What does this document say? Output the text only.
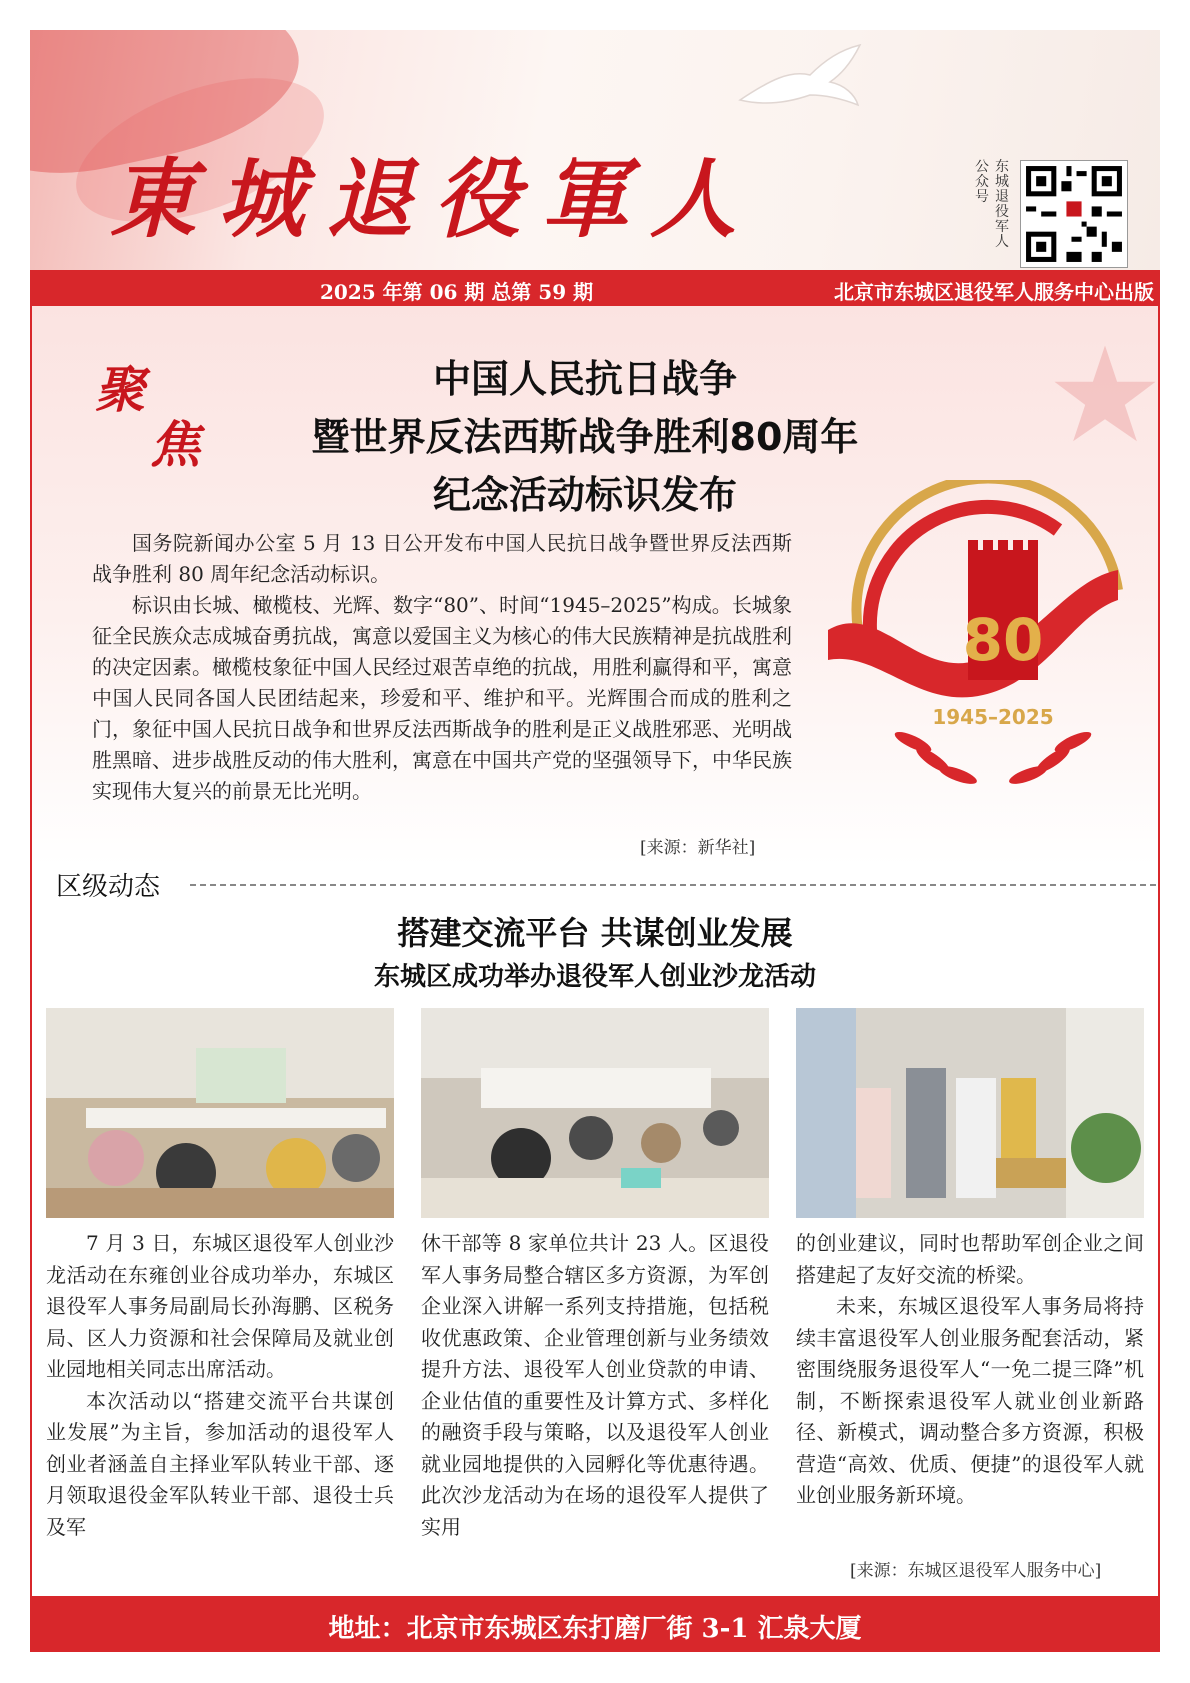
東城退役軍人	公众号
东城退役军人
2025 年第 06 期 总第 59 期	北京市东城区退役军人服务中心出版
聚
焦
中国人民抗日战争
暨世界反法西斯战争胜利80周年
纪念活动标识发布

国务院新闻办公室 5 月 13 日公开发布中国人民抗日战争暨世界反法西斯战争胜利 80 周年纪念活动标识。

标识由长城、橄榄枝、光辉、数字“80”、时间“1945–2025”构成。长城象征全民族众志成城奋勇抗战，寓意以爱国主义为核心的伟大民族精神是抗战胜利的决定因素。橄榄枝象征中国人民经过艰苦卓绝的抗战，用胜利赢得和平，寓意中国人民同各国人民团结起来，珍爱和平、维护和平。光辉围合而成的胜利之门，象征中国人民抗日战争和世界反法西斯战争的胜利是正义战胜邪恶、光明战胜黑暗、进步战胜反动的伟大胜利，寓意在中国共产党的坚强领导下，中华民族实现伟大复兴的前景无比光明。

[来源：新华社]
80
1945–2025
区级动态
搭建交流平台 共谋创业发展
东城区成功举办退役军人创业沙龙活动

7 月 3 日，东城区退役军人创业沙龙活动在东雍创业谷成功举办，东城区退役军人事务局副局长孙海鹏、区税务局、区人力资源和社会保障局及就业创业园地相关同志出席活动。

本次活动以“搭建交流平台共谋创业发展”为主旨，参加活动的退役军人创业者涵盖自主择业军队转业干部、逐月领取退役金军队转业干部、退役士兵及军

休干部等 8 家单位共计 23 人。区退役军人事务局整合辖区多方资源，为军创企业深入讲解一系列支持措施，包括税收优惠政策、企业管理创新与业务绩效提升方法、退役军人创业贷款的申请、企业估值的重要性及计算方式、多样化的融资手段与策略，以及退役军人创业就业园地提供的入园孵化等优惠待遇。此次沙龙活动为在场的退役军人提供了实用

的创业建议，同时也帮助军创企业之间搭建起了友好交流的桥梁。

未来，东城区退役军人事务局将持续丰富退役军人创业服务配套活动，紧密围绕服务退役军人“一免二提三降”机制，不断探索退役军人就业创业新路径、新模式，调动整合多方资源，积极营造“高效、优质、便捷”的退役军人就业创业服务新环境。

[来源：东城区退役军人服务中心]
地址：北京市东城区东打磨厂街 3-1 汇泉大厦
